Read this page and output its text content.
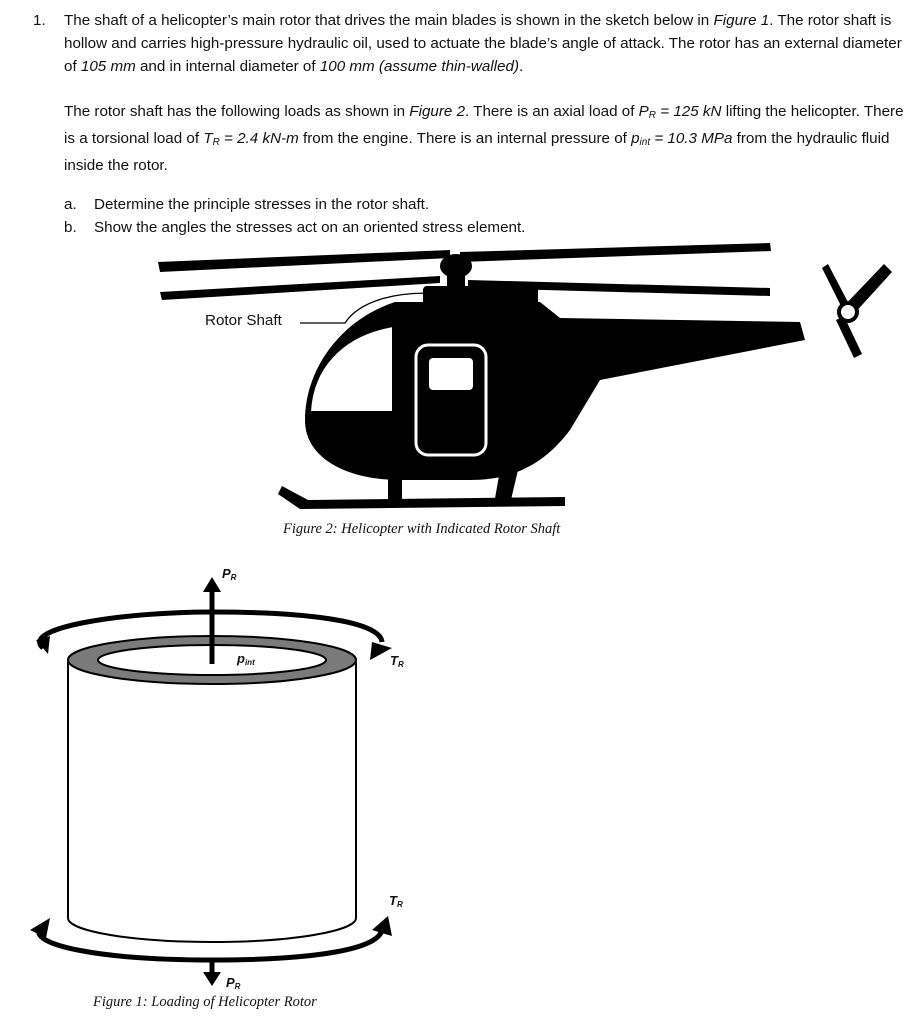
1. The shaft of a helicopter’s main rotor that drives the main blades is shown in the sketch below in Figure 1. The rotor shaft is hollow and carries high-pressure hydraulic oil, used to actuate the blade’s angle of attack. The rotor has an external diameter of 105 mm and in internal diameter of 100 mm (assume thin-walled).
The rotor shaft has the following loads as shown in Figure 2. There is an axial load of $P_R = 125$ kN lifting the helicopter. There is a torsional load of $T_R = 2.4$ kN-m from the engine. There is an internal pressure of $p_{int} = 10.3$ MPa from the hydraulic fluid inside the rotor.
a. Determine the principle stresses in the rotor shaft.
b. Show the angles the stresses act on an oriented stress element.
Rotor Shaft
Figure 2: Helicopter with Indicated Rotor Shaft
PR
pint	TR
TR
PR
Figure 1: Loading of Helicopter Rotor
